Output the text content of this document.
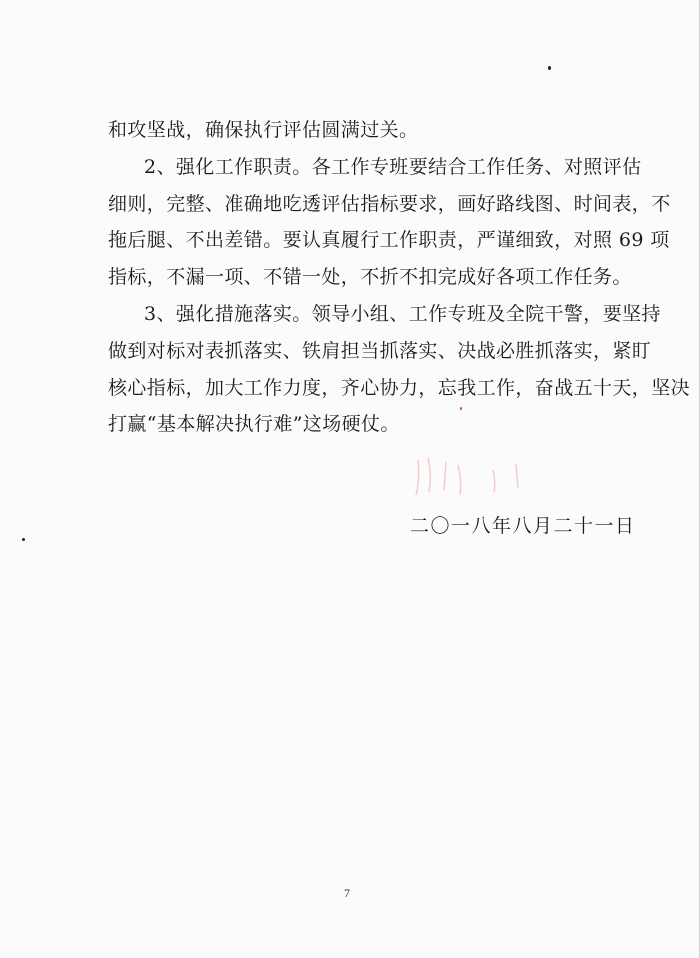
和攻坚战，确保执行评估圆满过关。
2、强化工作职责。各工作专班要结合工作任务、对照评估
细则，完整、准确地吃透评估指标要求，画好路线图、时间表，不
拖后腿、不出差错。要认真履行工作职责，严谨细致，对照 69 项
指标，不漏一项、不错一处，不折不扣完成好各项工作任务。
3、强化措施落实。领导小组、工作专班及全院干警，要坚持
做到对标对表抓落实、铁肩担当抓落实、决战必胜抓落实，紧盯
核心指标，加大工作力度，齐心协力，忘我工作，奋战五十天，坚决
打赢“基本解决执行难”这场硬仗。
二〇一八年八月二十一日
7
